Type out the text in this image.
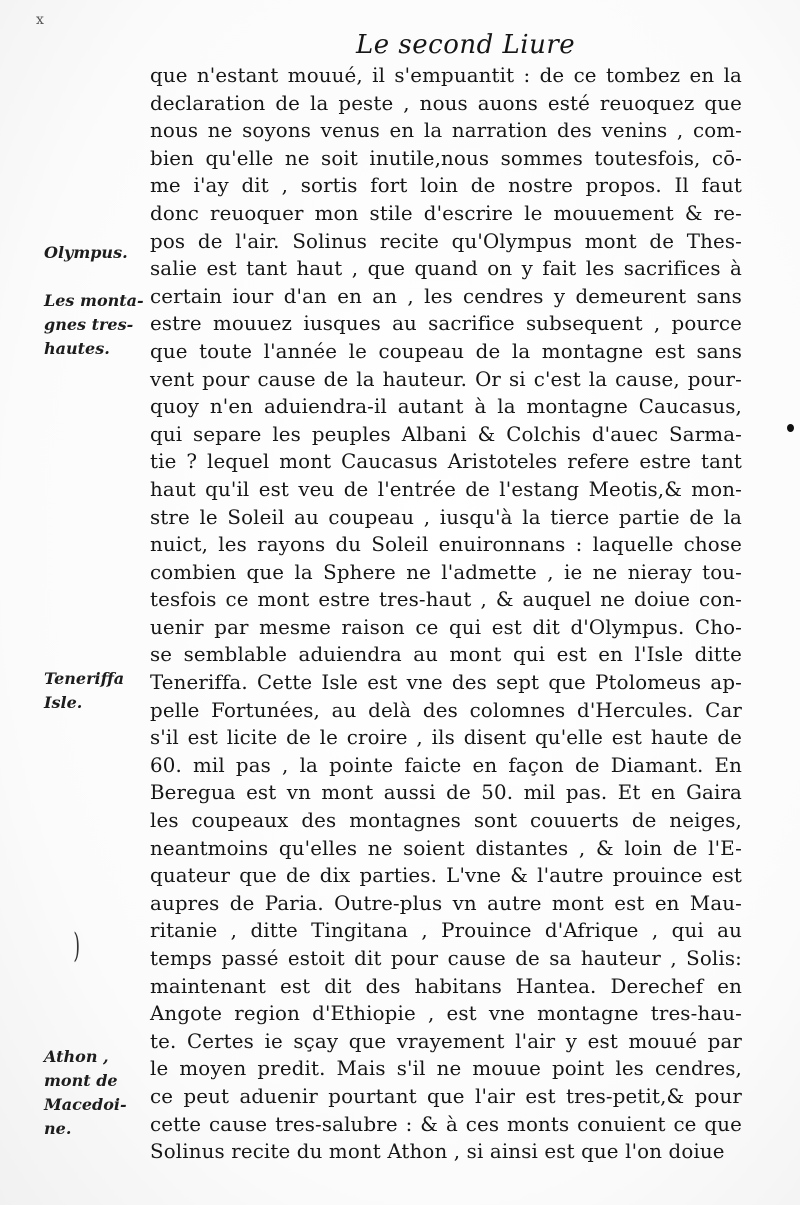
x
Le second Liure
que n'estant mouué, il s'empuantit : de ce tombez en la
declaration de la peste , nous auons esté reuoquez que
nous ne soyons venus en la narration des venins , com-
bien qu'elle ne soit inutile,nous sommes toutesfois, cō-
me i'ay dit , sortis fort loin de nostre propos. Il faut
donc reuoquer mon stile d'escrire le mouuement & re-
pos de l'air. Solinus recite qu'Olympus mont de Thes-
salie est tant haut , que quand on y fait les sacrifices à
certain iour d'an en an , les cendres y demeurent sans
estre mouuez iusques au sacrifice subsequent , pource
que toute l'année le coupeau de la montagne est sans
vent pour cause de la hauteur. Or si c'est la cause, pour-
quoy n'en aduiendra-il autant à la montagne Caucasus,
qui separe les peuples Albani & Colchis d'auec Sarma-
tie ? lequel mont Caucasus Aristoteles refere estre tant
haut qu'il est veu de l'entrée de l'estang Meotis,& mon-
stre le Soleil au coupeau , iusqu'à la tierce partie de la
nuict, les rayons du Soleil enuironnans : laquelle chose
combien que la Sphere ne l'admette , ie ne nieray tou-
tesfois ce mont estre tres-haut , & auquel ne doiue con-
uenir par mesme raison ce qui est dit d'Olympus. Cho-
se semblable aduiendra au mont qui est en l'Isle ditte
Teneriffa. Cette Isle est vne des sept que Ptolomeus ap-
pelle Fortunées, au delà des colomnes d'Hercules. Car
s'il est licite de le croire , ils disent qu'elle est haute de
60. mil pas , la pointe faicte en façon de Diamant. En
Beregua est vn mont aussi de 50. mil pas. Et en Gaira
les coupeaux des montagnes sont couuerts de neiges,
neantmoins qu'elles ne soient distantes , & loin de l'E-
quateur que de dix parties. L'vne & l'autre prouince est
aupres de Paria. Outre-plus vn autre mont est en Mau-
ritanie , ditte Tingitana , Prouince d'Afrique , qui au
temps passé estoit dit pour cause de sa hauteur , Solis:
maintenant est dit des habitans Hantea. Derechef en
Angote region d'Ethiopie , est vne montagne tres-hau-
te. Certes ie sçay que vrayement l'air y est mouué par
le moyen predit. Mais s'il ne mouue point les cendres,
ce peut aduenir pourtant que l'air est tres-petit,& pour
cette cause tres-salubre : & à ces monts conuient ce que
Solinus recite du mont Athon , si ainsi est que l'on doiue
Olympus.
Les monta-
gnes tres-
hautes.
Teneriffa
Isle.
Athon ,
mont de
Macedoi-
ne.
)
